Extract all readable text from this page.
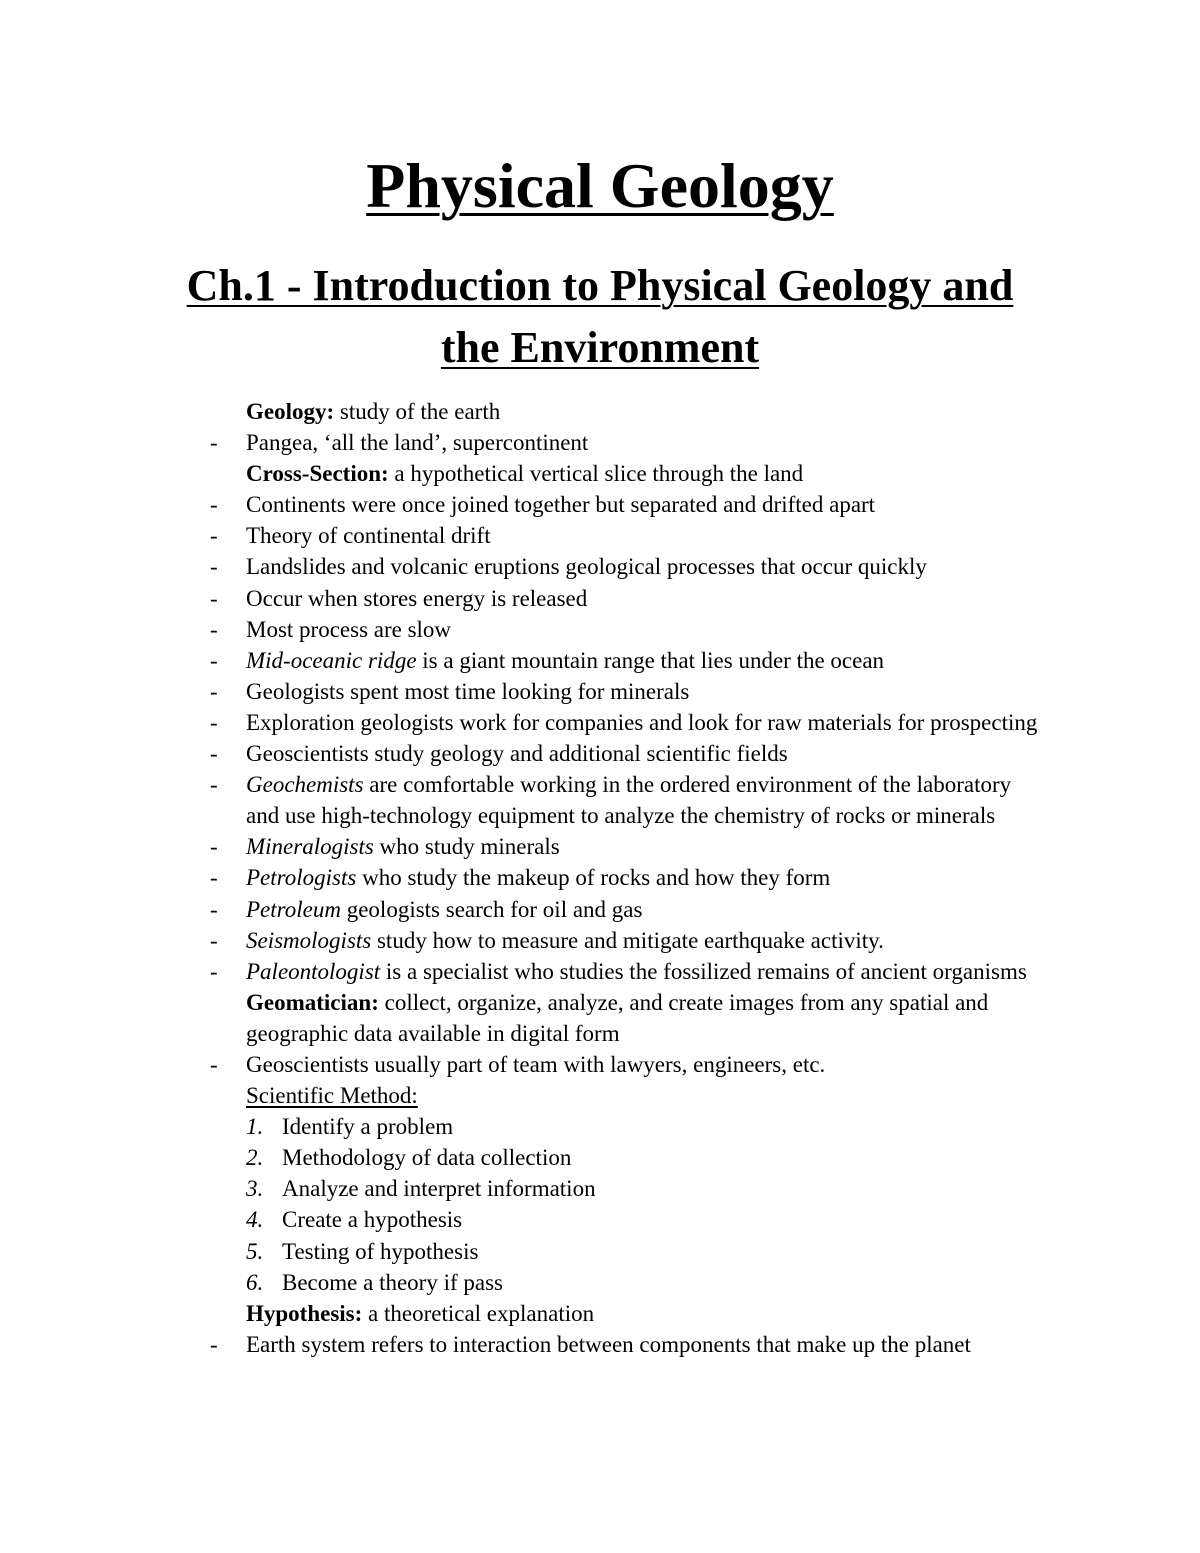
Physical Geology
Ch.1 - Introduction to Physical Geology and
the Environment
Geology: study of the earth
-	Pangea, ‘all the land’, supercontinent
Cross-Section: a hypothetical vertical slice through the land
-	Continents were once joined together but separated and drifted apart
-	Theory of continental drift
-	Landslides and volcanic eruptions geological processes that occur quickly
-	Occur when stores energy is released
-	Most process are slow
-	Mid-oceanic ridge is a giant mountain range that lies under the ocean
-	Geologists spent most time looking for minerals
-	Exploration geologists work for companies and look for raw materials for prospecting
-	Geoscientists study geology and additional scientific fields
-	Geochemists are comfortable working in the ordered environment of the laboratory
and use high-technology equipment to analyze the chemistry of rocks or minerals
-	Mineralogists who study minerals
-	Petrologists who study the makeup of rocks and how they form
-	Petroleum geologists search for oil and gas
-	Seismologists study how to measure and mitigate earthquake activity.
-	Paleontologist is a specialist who studies the fossilized remains of ancient organisms
Geomatician: collect, organize, analyze, and create images from any spatial and
geographic data available in digital form
-	Geoscientists usually part of team with lawyers, engineers, etc.
Scientific Method:
1. Identify a problem
2. Methodology of data collection
3. Analyze and interpret information
4. Create a hypothesis
5. Testing of hypothesis
6. Become a theory if pass
Hypothesis: a theoretical explanation
-	Earth system refers to interaction between components that make up the planet
